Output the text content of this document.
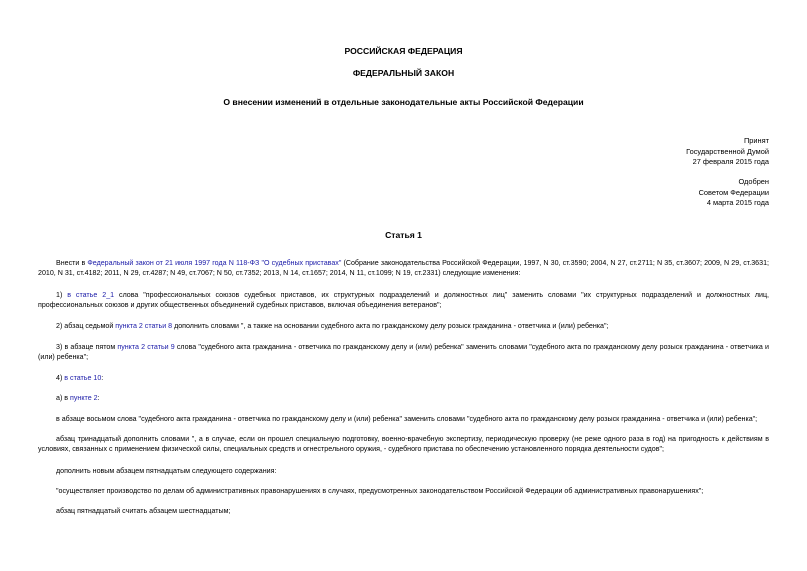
РОССИЙСКАЯ ФЕДЕРАЦИЯ
ФЕДЕРАЛЬНЫЙ ЗАКОН
О внесении изменений в отдельные законодательные акты Российской Федерации
Принят
Государственной Думой
27 февраля 2015 года
Одобрен
Советом Федерации
4 марта 2015 года
Статья 1

Внести в Федеральный закон от 21 июля 1997 года N 118-ФЗ "О судебных приставах" (Собрание законодательства Российской Федерации, 1997, N 30, ст.3590; 2004, N 27, ст.2711; N 35, ст.3607; 2009, N 29, ст.3631; 2010, N 31, ст.4182; 2011, N 29, ст.4287; N 49, ст.7067; N 50, ст.7352; 2013, N 14, ст.1657; 2014, N 11, ст.1099; N 19, ст.2331) следующие изменения:

1) в статье 2_1 слова "профессиональных союзов судебных приставов, их структурных подразделений и должностных лиц" заменить словами "их структурных подразделений и должностных лиц, профессиональных союзов и других общественных объединений судебных приставов, включая объединения ветеранов";

2) абзац седьмой пункта 2 статьи 8 дополнить словами ", а также на основании судебного акта по гражданскому делу розыск гражданина - ответчика и (или) ребенка";

3) в абзаце пятом пункта 2 статьи 9 слова "судебного акта гражданина - ответчика по гражданскому делу и (или) ребенка" заменить словами "судебного акта по гражданскому делу розыск гражданина - ответчика и (или) ребенка";

4) в статье 10:

а) в пункте 2:

в абзаце восьмом слова "судебного акта гражданина - ответчика по гражданскому делу и (или) ребенка" заменить словами "судебного акта по гражданскому делу розыск гражданина - ответчика и (или) ребенка";

абзац тринадцатый дополнить словами ", а в случае, если он прошел специальную подготовку, военно-врачебную экспертизу, периодическую проверку (не реже одного раза в год) на пригодность к действиям в условиях, связанных с применением физической силы, специальных средств и огнестрельного оружия, - судебного пристава по обеспечению установленного порядка деятельности судов";

дополнить новым абзацем пятнадцатым следующего содержания:

"осуществляет производство по делам об административных правонарушениях в случаях, предусмотренных законодательством Российской Федерации об административных правонарушениях";

абзац пятнадцатый считать абзацем шестнадцатым;
